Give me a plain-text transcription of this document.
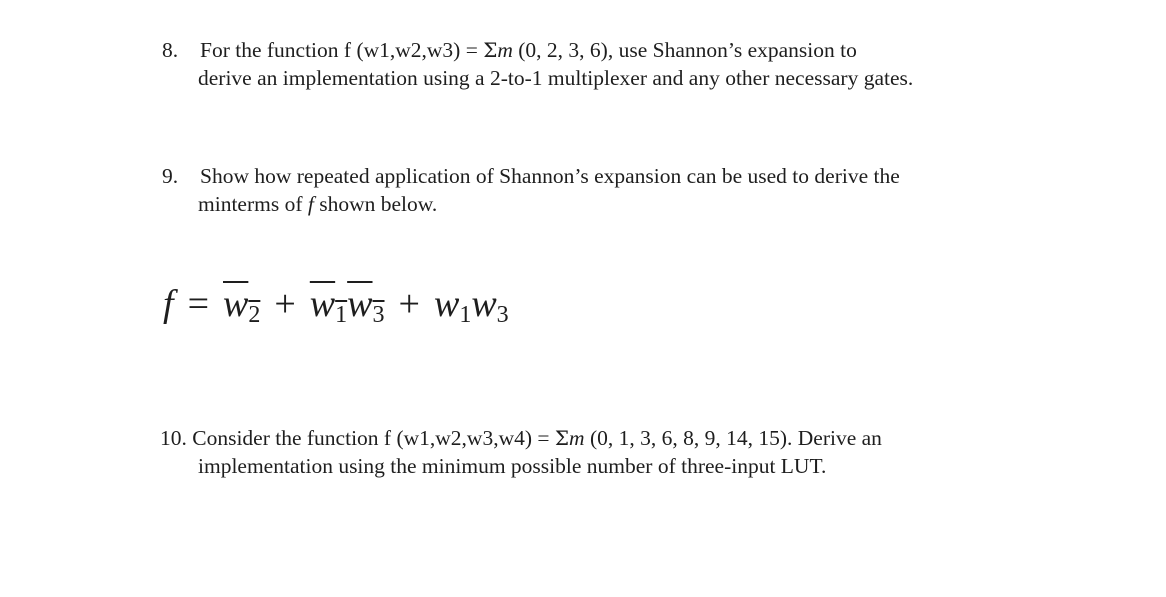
8.	For the function f (w1,w2,w3) = Σm (0, 2, 3, 6), use Shannon’s expansion to
derive an implementation using a 2-to-1 multiplexer and any other necessary gates.
9.	Show how repeated application of Shannon’s expansion can be used to derive the
minterms of f shown below.
$f = w_2 + w_1w_3 + w_1w_3$
10. Consider the function f (w1,w2,w3,w4) = Σm (0, 1, 3, 6, 8, 9, 14, 15). Derive an
implementation using the minimum possible number of three-input LUT.
